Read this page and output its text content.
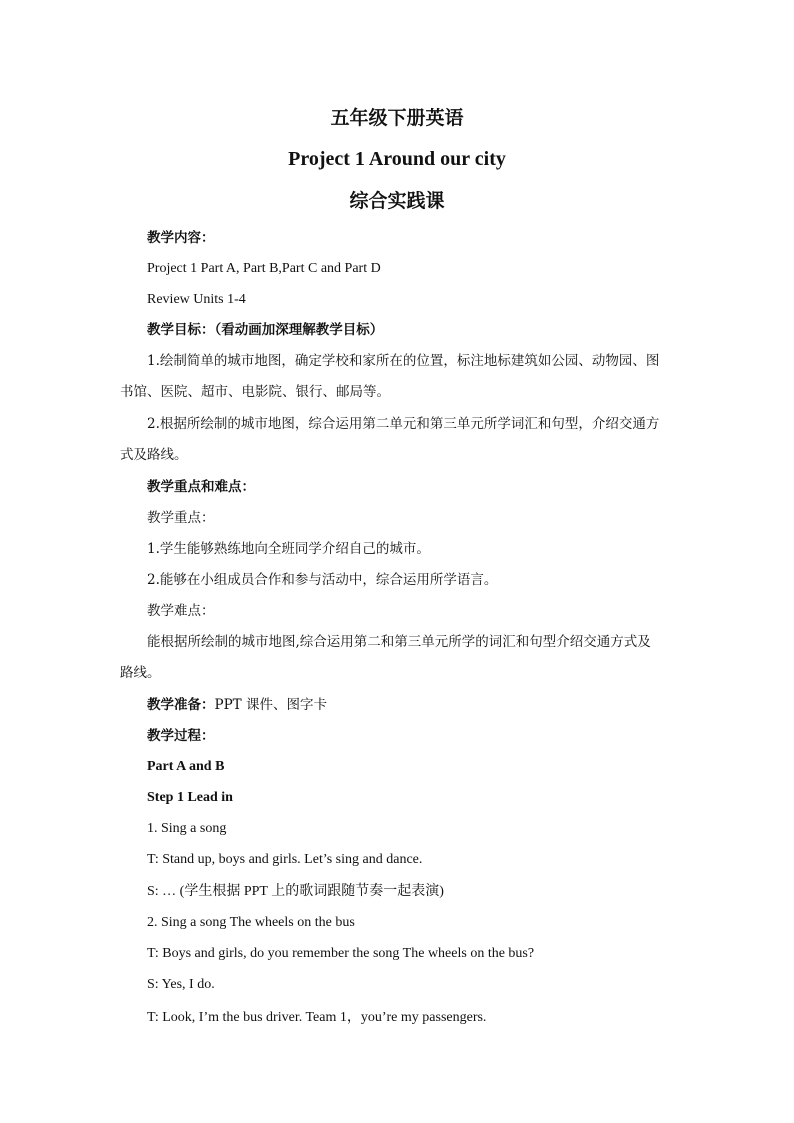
五年级下册英语
Project 1 Around our city
综合实践课
教学内容：
Project 1 Part A, Part B,Part C and Part D
Review Units 1-4
教学目标：（看动画加深理解教学目标）
1.绘制简单的城市地图，确定学校和家所在的位置，标注地标建筑如公园、动物园、图
书馆、医院、超市、电影院、银行、邮局等。
2.根据所绘制的城市地图，综合运用第二单元和第三单元所学词汇和句型，介绍交通方
式及路线。
教学重点和难点：
教学重点：
1.学生能够熟练地向全班同学介绍自己的城市。
2.能够在小组成员合作和参与活动中，综合运用所学语言。
教学难点：
能根据所绘制的城市地图,综合运用第二和第三单元所学的词汇和句型介绍交通方式及
路线。
教学准备：PPT 课件、图字卡
教学过程：
Part A and B
Step 1 Lead in
1. Sing a song
T: Stand up, boys and girls. Let’s sing and dance.
S: … (学生根据 PPT 上的歌词跟随节奏一起表演)
2. Sing a song The wheels on the bus
T: Boys and girls, do you remember the song The wheels on the bus?
S: Yes, I do.
T: Look, I’m the bus driver. Team 1，you’re my passengers.
